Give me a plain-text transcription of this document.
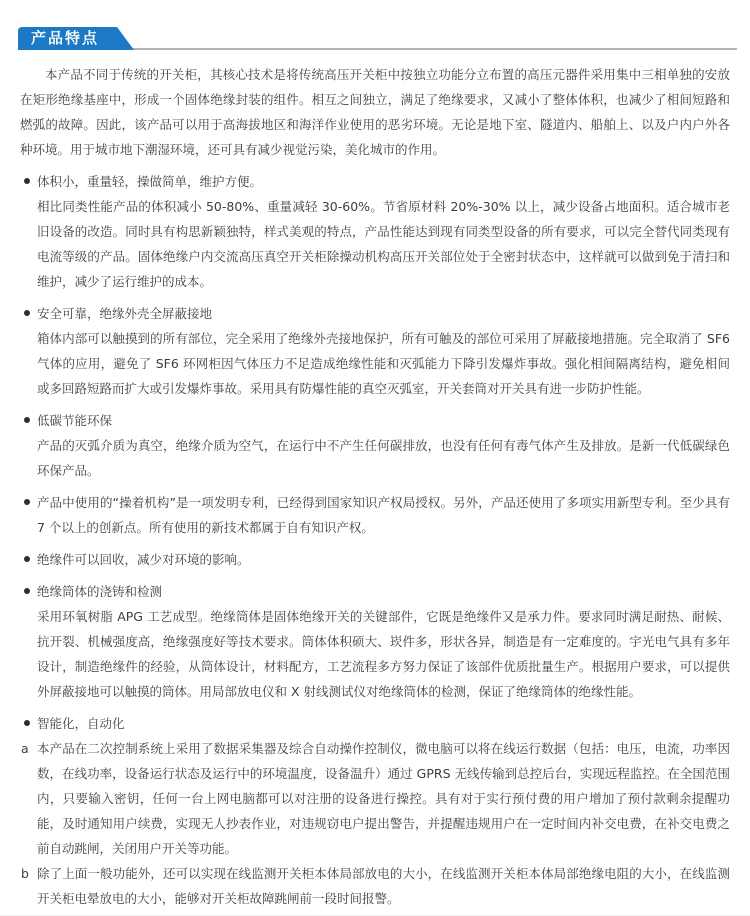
产品特点

本产品不同于传统的开关柜，其核心技术是将传统高压开关柜中按独立功能分立布置的高压元器件采用集中三相单独的安放在矩形绝缘基座中，形成一个固体绝缘封装的组件。相互之间独立，满足了绝缘要求，又减小了整体体积，也减少了相间短路和燃弧的故障。因此，该产品可以用于高海拔地区和海洋作业使用的恶劣环境。无论是地下室、隧道内、船舶上、以及户内户外各种环境。用于城市地下潮湿环境，还可具有减少视觉污染，美化城市的作用。

体积小，重量轻，操做简单，维护方便。
相比同类性能产品的体积减小 50-80%、重量减轻 30-60%。节省原材料 20%-30% 以上，减少设备占地面积。适合城市老旧设备的改造。同时具有构思新颖独特，样式美观的特点，产品性能达到现有同类型设备的所有要求，可以完全替代同类现有电流等级的产品。固体绝缘户内交流高压真空开关柜除操动机构高压开关部位处于全密封状态中，这样就可以做到免于清扫和维护，减少了运行维护的成本。
安全可靠，绝缘外壳全屏蔽接地
箱体内部可以触摸到的所有部位，完全采用了绝缘外壳接地保护，所有可触及的部位可采用了屏蔽接地措施。完全取消了 SF6 气体的应用，避免了 SF6 环网柜因气体压力不足造成绝缘性能和灭弧能力下降引发爆炸事故。强化相间隔离结构，避免相间或多回路短路而扩大或引发爆炸事故。采用具有防爆性能的真空灭弧室，开关套筒对开关具有进一步防护性能。
低碳节能环保
产品的灭弧介质为真空，绝缘介质为空气，在运行中不产生任何碳排放，也没有任何有毒气体产生及排放。是新一代低碳绿色环保产品。
产品中使用的“操着机构”是一项发明专利，已经得到国家知识产权局授权。另外，产品还使用了多项实用新型专利。至少具有 7 个以上的创新点。所有使用的新技术都属于自有知识产权。
绝缘件可以回收，减少对环境的影响。
绝缘筒体的浇铸和检测
采用环氧树脂 APG 工艺成型。绝缘筒体是固体绝缘开关的关键部件，它既是绝缘件又是承力件。要求同时满足耐热、耐候、抗开裂、机械强度高，绝缘强度好等技术要求。筒体体积硕大、崁件多，形状各异，制造是有一定难度的。宇光电气具有多年设计，制造绝缘件的经验，从筒体设计，材料配方，工艺流程多方努力保证了该部件优质批量生产。根据用户要求，可以提供外屏蔽接地可以触摸的筒体。用局部放电仪和 X 射线测试仪对绝缘筒体的检测，保证了绝缘筒体的绝缘性能。
智能化，自动化
a 本产品在二次控制系统上采用了数据采集器及综合自动操作控制仪，微电脑可以将在线运行数据（包括：电压，电流，功率因数，在线功率，设备运行状态及运行中的环境温度，设备温升）通过 GPRS 无线传输到总控后台，实现远程监控。在全国范围内，只要输入密钥，任何一台上网电脑都可以对注册的设备进行操控。具有对于实行预付费的用户增加了预付款剩余提醒功能，及时通知用户续费，实现无人抄表作业，对违规窃电户提出警告，并提醒违规用户在一定时间内补交电费，在补交电费之前自动跳闸，关闭用户开关等功能。
b 除了上面一般功能外，还可以实现在线监测开关柜本体局部放电的大小，在线监测开关柜本体局部绝缘电阻的大小，在线监测开关柜电晕放电的大小，能够对开关柜故障跳闸前一段时间报警。
